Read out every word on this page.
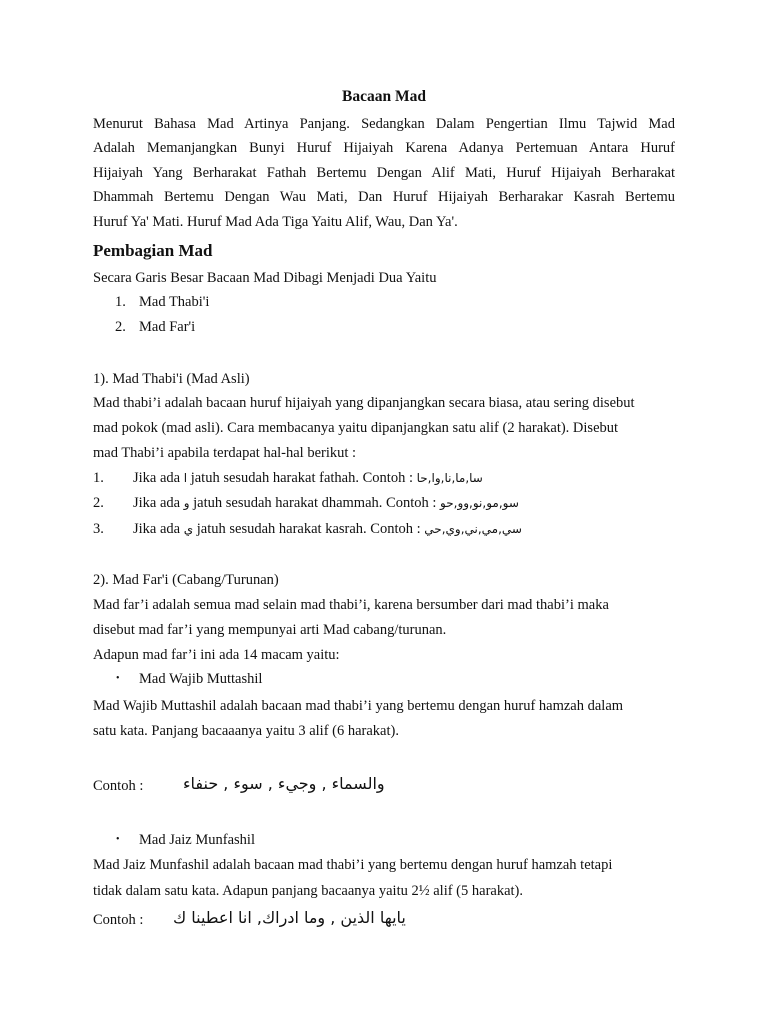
Bacaan Mad
Menurut Bahasa Mad Artinya Panjang. Sedangkan Dalam Pengertian Ilmu Tajwid Mad
Adalah Memanjangkan Bunyi Huruf Hijaiyah Karena Adanya Pertemuan Antara Huruf
Hijaiyah Yang Berharakat Fathah Bertemu Dengan Alif Mati, Huruf Hijaiyah Berharakat
Dhammah Bertemu Dengan Wau Mati, Dan Huruf Hijaiyah Berharakar Kasrah Bertemu
Huruf Ya' Mati. Huruf Mad Ada Tiga Yaitu Alif, Wau, Dan Ya'.
Pembagian Mad
Secara Garis Besar Bacaan Mad Dibagi Menjadi Dua Yaitu
1. Mad Thabi'i
2. Mad Far'i
1). Mad Thabi'i (Mad Asli)
Mad thabi’i adalah bacaan huruf hijaiyah yang dipanjangkan secara biasa, atau sering disebut
mad pokok (mad asli). Cara membacanya yaitu dipanjangkan satu alif (2 harakat). Disebut
mad Thabi’i apabila terdapat hal-hal berikut :
1. Jika ada ا jatuh sesudah harakat fathah. Contoh : سا,ما,نا,وا,حا
2. Jika ada و jatuh sesudah harakat dhammah. Contoh : سو,مو,نو,وو,حو
3. Jika ada ي jatuh sesudah harakat kasrah. Contoh : سي,مي,ني,وي,حي
2). Mad Far'i (Cabang/Turunan)
Mad far’i adalah semua mad selain mad thabi’i, karena bersumber dari mad thabi’i maka
disebut mad far’i yang mempunyai arti Mad cabang/turunan.
Adapun mad far’i ini ada 14 macam yaitu:
• Mad Wajib Muttashil
Mad Wajib Muttashil adalah bacaan mad thabi’i yang bertemu dengan huruf hamzah dalam
satu kata. Panjang bacaaanya yaitu 3 alif (6 harakat).
Contoh : والسماء , وجيء , سوء , حنفاء
• Mad Jaiz Munfashil
Mad Jaiz Munfashil adalah bacaan mad thabi’i yang bertemu dengan huruf hamzah tetapi
tidak dalam satu kata. Adapun panjang bacaanya yaitu 2½ alif (5 harakat).
Contoh : يايها الذين , وما ادراك, انا اعطينا ك
